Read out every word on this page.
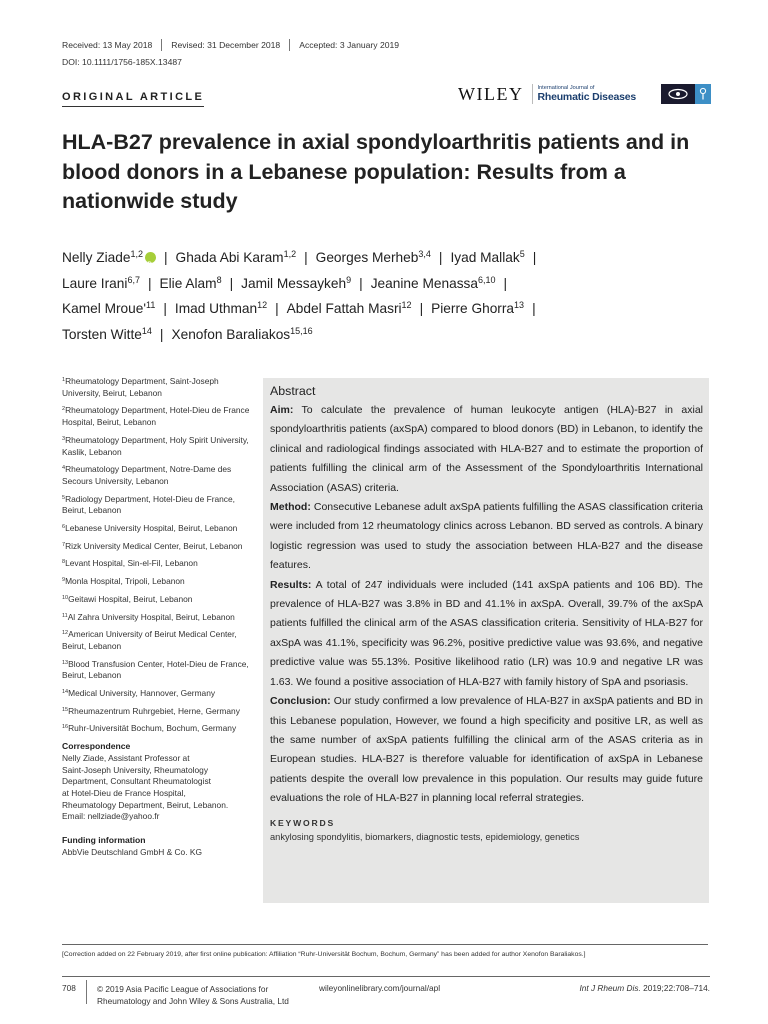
Received: 13 May 2018 Revised: 31 December 2018 Accepted: 3 January 2019
DOI: 10.1111/1756-185X.13487
ORIGINAL ARTICLE	WILEY	International Journal of
Rheumatic Diseases
HLA-B27 prevalence in axial spondyloarthritis patients and in blood donors in a Lebanese population: Results from a nationwide study
Nelly Ziade$^{1,2}$iD | Ghada Abi Karam$^{1,2}$ | Georges Merheb$^{3,4}$ | Iyad Mallak$^5$ |
Laure Irani$^{6,7}$ | Elie Alam$^8$ | Jamil Messaykeh$^9$ | Jeanine Menassa$^{6,10}$ |
Kamel $Mroue'^{11}$ | Imad Uthman$^{12}$ | Abdel Fattah Masri$^{12}$ | Pierre Ghorra$^{13}$ |
Torsten Witte$^{14}$ | Xenofon Baraliakos$^{15,16}$
$^1$Rheumatology Department, Saint-Joseph University, Beirut, Lebanon
$^2$Rheumatology Department, Hotel-Dieu de France Hospital, Beirut, Lebanon
$^3$Rheumatology Department, Holy Spirit University, Kaslik, Lebanon
$^4$Rheumatology Department, Notre-Dame des Secours University, Lebanon
$^5$Radiology Department, Hotel-Dieu de France, Beirut, Lebanon
$^6$Lebanese University Hospital, Beirut, Lebanon
$^7$Rizk University Medical Center, Beirut, Lebanon
$^8$Levant Hospital, Sin-el-Fil, Lebanon
$^9$Monla Hospital, Tripoli, Lebanon
$^{10}$Geitawi Hospital, Beirut, Lebanon
$^{11}$Al Zahra University Hospital, Beirut, Lebanon
$^{12}$American University of Beirut Medical Center, Beirut, Lebanon
$^{13}$Blood Transfusion Center, Hotel-Dieu de France, Beirut, Lebanon
$^{14}$Medical University, Hannover, Germany
$^{15}$Rheumazentrum Ruhrgebiet, Herne, Germany
$^{16}$Ruhr-Universität Bochum, Bochum, Germany
Correspondence
Nelly Ziade, Assistant Professor at
Saint-Joseph University, Rheumatology
Department, Consultant Rheumatologist
at Hotel-Dieu de France Hospital,
Rheumatology Department, Beirut, Lebanon.
Email: nellziade@yahoo.fr
Funding information
AbbVie Deutschland GmbH & Co. KG
Abstract
Aim: To calculate the prevalence of human leukocyte antigen (HLA)-B27 in axial spondyloarthritis patients (axSpA) compared to blood donors (BD) in Lebanon, to identify the clinical and radiological findings associated with HLA-B27 and to estimate the proportion of patients fulfilling the clinical arm of the Assessment of the Spondyloarthritis International Association (ASAS) criteria.
Method: Consecutive Lebanese adult axSpA patients fulfilling the ASAS classification criteria were included from 12 rheumatology clinics across Lebanon. BD served as controls. A binary logistic regression was used to study the association between HLA-B27 and the disease features.
Results: A total of 247 individuals were included (141 axSpA patients and 106 BD). The prevalence of HLA-B27 was 3.8% in BD and 41.1% in axSpA. Overall, 39.7% of the axSpA patients fulfilled the clinical arm of the ASAS classification criteria. Sensitivity of HLA-B27 for axSpA was 41.1%, specificity was 96.2%, positive predictive value was 93.6%, and negative predictive value was 55.13%. Positive likelihood ratio (LR) was 10.9 and negative LR was 1.63. We found a positive association of HLA-B27 with family history of SpA and psoriasis.
Conclusion: Our study confirmed a low prevalence of HLA-B27 in axSpA patients and BD in this Lebanese population, However, we found a high specificity and positive LR, as well as the same number of axSpA patients fulfilling the clinical arm of the ASAS criteria as in European studies. HLA-B27 is therefore valuable for identification of axSpA in Lebanese patients despite the overall low prevalence in this population. Our results may guide future evaluations the role of HLA-B27 in planning local referral strategies.
KEYWORDS
ankylosing spondylitis, biomarkers, diagnostic tests, epidemiology, genetics
[Correction added on 22 February 2019, after first online publication: Affiliation “Ruhr-Universität Bochum, Bochum, Germany” has been added for author Xenofon Baraliakos.]
708	© 2019 Asia Pacific League of Associations for Rheumatology and John Wiley & Sons Australia, Ltd
wileyonlinelibrary.com/journal/apl	Int J Rheum Dis. 2019;22:708–714.
